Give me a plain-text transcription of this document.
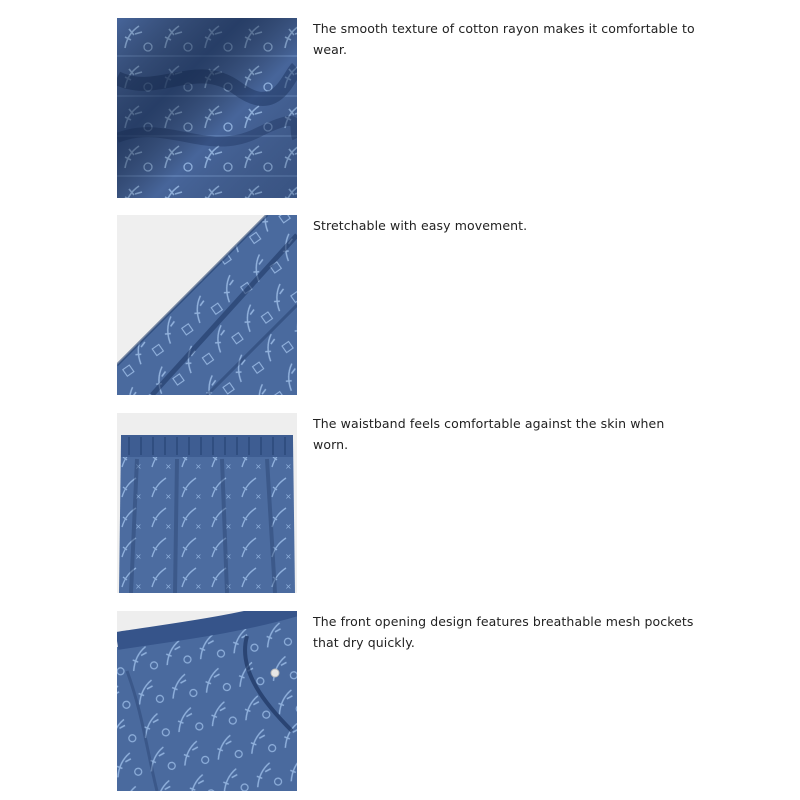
The smooth texture of cotton rayon makes it comfortable to wear.
Stretchable with easy movement.
The waistband feels comfortable against the skin when worn.
The front opening design features breathable mesh pockets that dry quickly.
